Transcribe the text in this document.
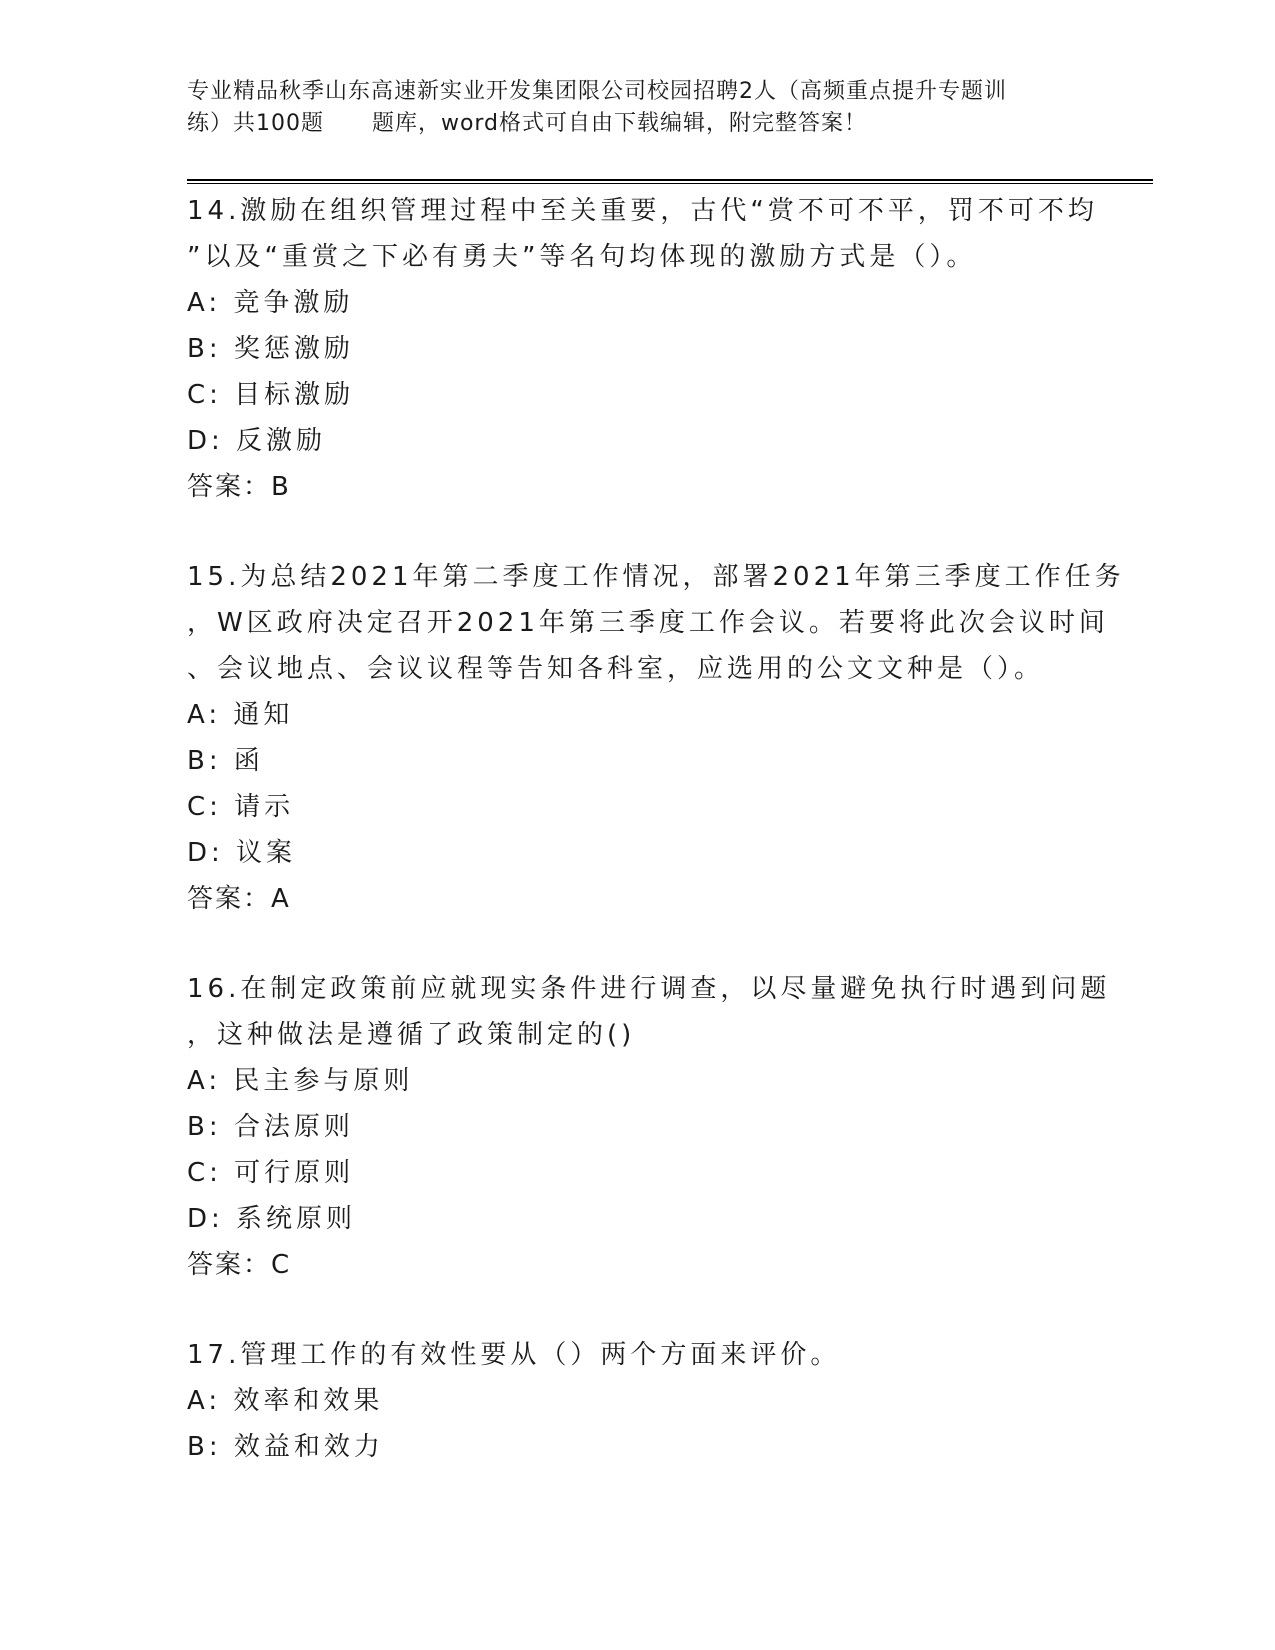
专业精品秋季山东高速新实业开发集团限公司校园招聘2人（高频重点提升专题训
练）共100题      题库，word格式可自由下载编辑，附完整答案！
14.激励在组织管理过程中至关重要，古代“赏不可不平，罚不可不均
”以及“重赏之下必有勇夫”等名句均体现的激励方式是（）。
A: 竞争激励
B: 奖惩激励
C: 目标激励
D: 反激励
答案：B
15.为总结2021年第二季度工作情况，部署2021年第三季度工作任务
，W区政府决定召开2021年第三季度工作会议。若要将此次会议时间
、会议地点、会议议程等告知各科室，应选用的公文文种是（）。
A: 通知
B: 函
C: 请示
D: 议案
答案：A
16.在制定政策前应就现实条件进行调查，以尽量避免执行时遇到问题
，这种做法是遵循了政策制定的()
A: 民主参与原则
B: 合法原则
C: 可行原则
D: 系统原则
答案：C
17.管理工作的有效性要从（）两个方面来评价。
A: 效率和效果
B: 效益和效力
